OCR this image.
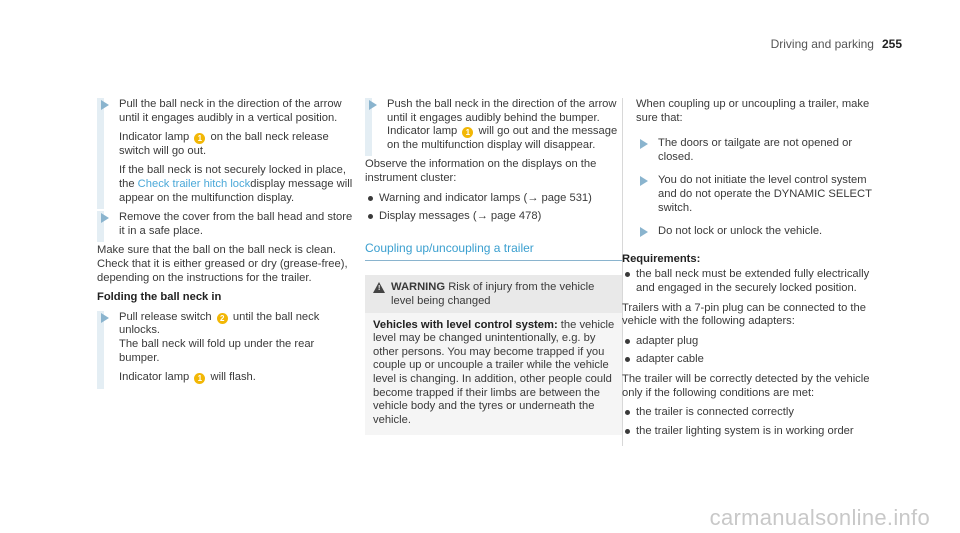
Driving and parking 255

Pull the ball neck in the direction of the arrow until it engages audibly in a vertical position.

Indicator lamp 1 on the ball neck release switch will go out.

If the ball neck is not securely locked in place, the Check trailer hitch lockdisplay message will appear on the multifunction display.

Remove the cover from the ball head and store it in a safe place.

Make sure that the ball on the ball neck is clean. Check that it is either greased or dry (grease-free), depending on the instructions for the trailer.

Folding the ball neck in

Pull release switch 2 until the ball neck unlocks.
The ball neck will fold up under the rear bumper.

Indicator lamp 1 will flash.

Push the ball neck in the direction of the arrow until it engages audibly behind the bumper.
Indicator lamp 1 will go out and the message on the multifunction display will disappear.

Observe the information on the displays on the instrument cluster:

Warning and indicator lamps (→ page 531)
Display messages (→ page 478)
Coupling up/uncoupling a trailer
! WARNING Risk of injury from the vehicle level being changed
Vehicles with level control system: the vehicle level may be changed unintentionally, e.g. by other persons. You may become trapped if you couple up or uncouple a trailer while the vehicle level is changing. In addition, other people could become trapped if their limbs are between the vehicle body and the tyres or underneath the vehicle.

When coupling up or uncoupling a trailer, make sure that:

The doors or tailgate are not opened or closed.

You do not initiate the level control system and do not operate the DYNAMIC SELECT switch.

Do not lock or unlock the vehicle.

Requirements:

the ball neck must be extended fully electrically and engaged in the securely locked position.

Trailers with a 7-pin plug can be connected to the vehicle with the following adapters:

adapter plug
adapter cable

The trailer will be correctly detected by the vehicle only if the following conditions are met:

the trailer is connected correctly
the trailer lighting system is in working order
carmanualsonline.info
